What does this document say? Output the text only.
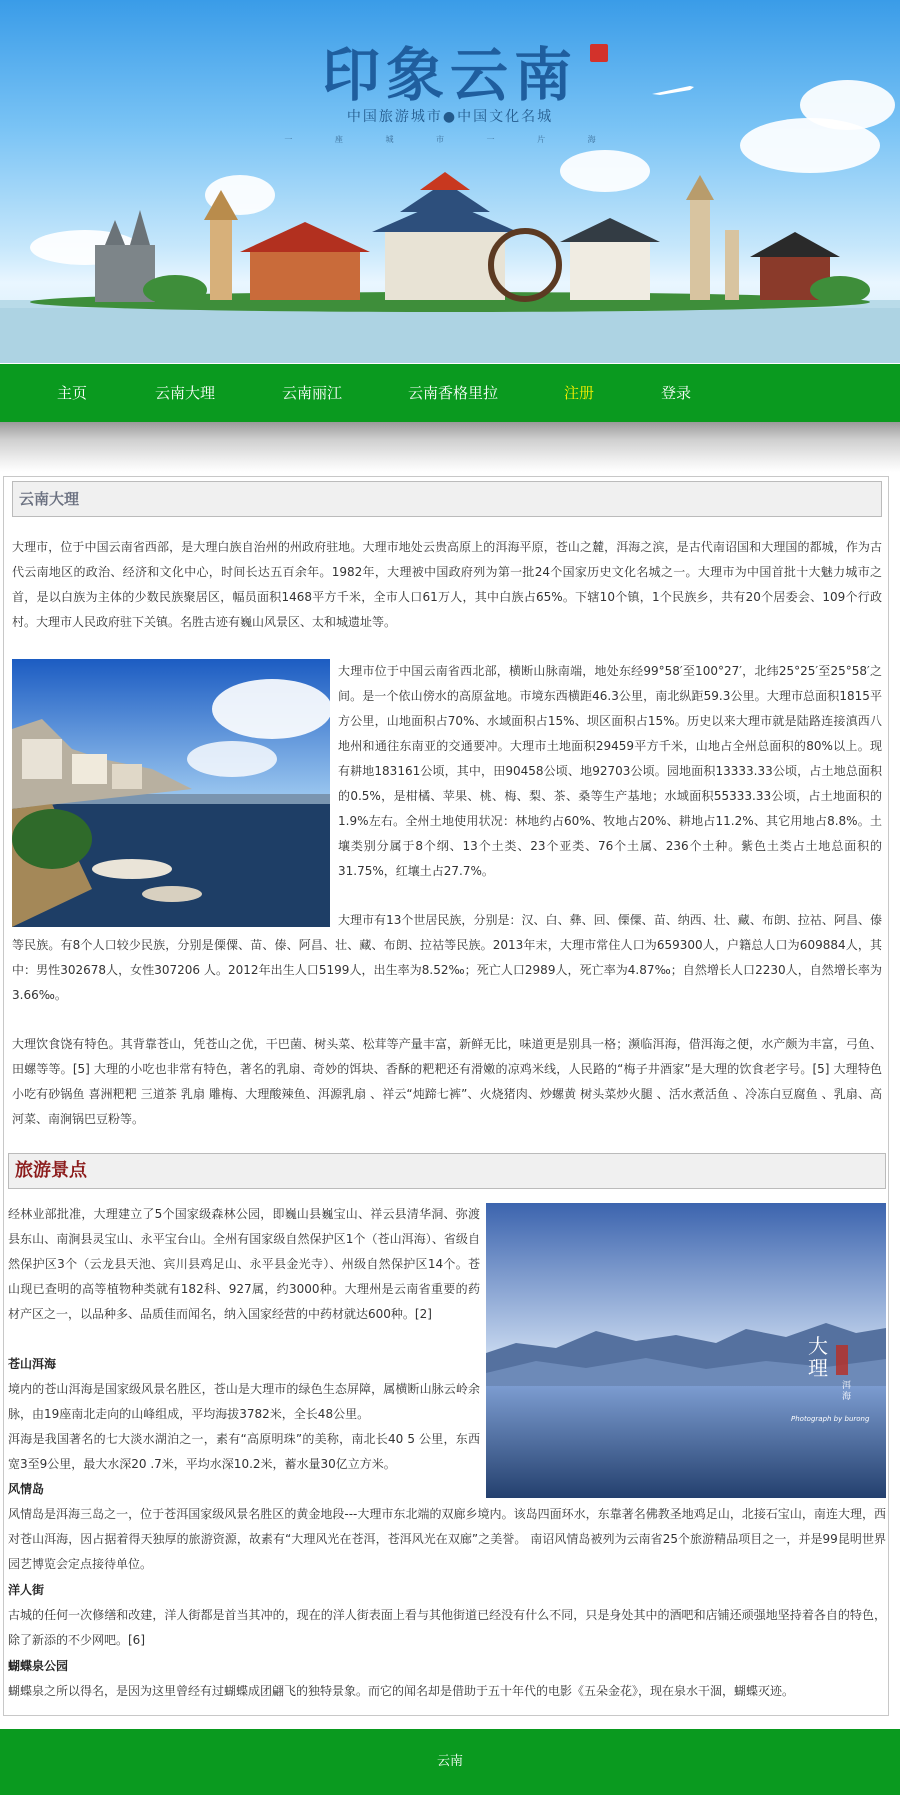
印象云南
中国旅游城市●中国文化名城
一 座 城 市 一 片 海
主页	云南大理	云南丽江	云南香格里拉	注册	登录
云南大理

大理市，位于中国云南省西部，是大理白族自治州的州政府驻地。大理市地处云贵高原上的洱海平原，苍山之麓，洱海之滨，是古代南诏国和大理国的都城，作为古代云南地区的政治、经济和文化中心，时间长达五百余年。1982年，大理被中国政府列为第一批24个国家历史文化名城之一。大理市为中国首批十大魅力城市之首，是以白族为主体的少数民族聚居区，幅员面积1468平方千米，全市人口61万人，其中白族占65%。下辖10个镇，1个民族乡，共有20个居委会、109个行政村。大理市人民政府驻下关镇。名胜古迹有巍山风景区、太和城遗址等。

大理市位于中国云南省西北部，横断山脉南端，地处东经99°58′至100°27′，北纬25°25′至25°58′之间。是一个依山傍水的高原盆地。市境东西横距46.3公里，南北纵距59.3公里。大理市总面积1815平方公里，山地面积占70%、水域面积占15%、坝区面积占15%。历史以来大理市就是陆路连接滇西八地州和通往东南亚的交通要冲。大理市土地面积29459平方千米，山地占全州总面积的80%以上。现有耕地183161公顷，其中，田90458公顷、地92703公顷。园地面积13333.33公顷，占土地总面积的0.5%，是柑橘、苹果、桃、梅、梨、茶、桑等生产基地；水域面积55333.33公顷，占土地面积的1.9%左右。全州土地使用状况：林地约占60%、牧地占20%、耕地占11.2%、其它用地占8.8%。土壤类别分属于8个纲、13个土类、23个亚类、76个土属、236个土种。紫色土类占土地总面积的31.75%，红壤土占27.7%。

大理市有13个世居民族，分别是：汉、白、彝、回、傈僳、苗、纳西、壮、藏、布朗、拉祜、阿昌、傣等民族。有8个人口较少民族，分别是傈僳、苗、傣、阿昌、壮、藏、布朗、拉祜等民族。2013年末，大理市常住人口为659300人，户籍总人口为609884人，其中：男性302678人，女性307206 人。2012年出生人口5199人，出生率为8.52‰；死亡人口2989人，死亡率为4.87‰；自然增长人口2230人，自然增长率为3.66‰。

大理饮食饶有特色。其背靠苍山，凭苍山之优，干巴菌、树头菜、松茸等产量丰富，新鲜无比，味道更是别具一格；濒临洱海，借洱海之便，水产颇为丰富，弓鱼、田螺等等。[5] 大理的小吃也非常有特色，著名的乳扇、奇妙的饵块、香酥的粑粑还有滑嫩的凉鸡米线，人民路的“梅子井酒家”是大理的饮食老字号。[5] 大理特色小吃有砂锅鱼 喜洲粑粑 三道茶 乳扇 雕梅、大理酸辣鱼、洱源乳扇 、祥云“炖蹄七裤”、火烧猪肉、炒螺黄 树头菜炒火腿 、活水煮活鱼 、冷冻白豆腐鱼 、乳扇、高河菜、南涧锅巴豆粉等。

旅游景点
大理
洱海
Photograph by burong

经林业部批准，大理建立了5个国家级森林公园，即巍山县巍宝山、祥云县清华洞、弥渡县东山、南涧县灵宝山、永平宝台山。全州有国家级自然保护区1个（苍山洱海）、省级自然保护区3个（云龙县天池、宾川县鸡足山、永平县金光寺）、州级自然保护区14个。苍山现已查明的高等植物种类就有182科、927属，约3000种。大理州是云南省重要的药材产区之一，以品种多、品质佳而闻名，纳入国家经营的中药材就达600种。[2]

苍山洱海

境内的苍山洱海是国家级风景名胜区，苍山是大理市的绿色生态屏障，属横断山脉云岭余脉，由19座南北走向的山峰组成，平均海拔3782米，全长48公里。

洱海是我国著名的七大淡水湖泊之一，素有“高原明珠”的美称，南北长40 5 公里，东西宽3至9公里，最大水深20 .7米，平均水深10.2米，蓄水量30亿立方米。

风情岛

风情岛是洱海三岛之一，位于苍洱国家级风景名胜区的黄金地段---大理市东北端的双廊乡境内。该岛四面环水，东靠著名佛教圣地鸡足山，北接石宝山，南连大理，西对苍山洱海，因占据着得天独厚的旅游资源，故素有“大理风光在苍洱，苍洱风光在双廊”之美誉。 南诏风情岛被列为云南省25个旅游精品项目之一，并是99昆明世界园艺博览会定点接待单位。

洋人街

古城的任何一次修缮和改建，洋人街都是首当其冲的，现在的洋人街表面上看与其他街道已经没有什么不同，只是身处其中的酒吧和店铺还顽强地坚持着各自的特色，除了新添的不少网吧。[6]

蝴蝶泉公园

蝴蝶泉之所以得名，是因为这里曾经有过蝴蝶成团翩飞的独特景象。而它的闻名却是借助于五十年代的电影《五朵金花》，现在泉水干涸，蝴蝶灭迹。

云南
